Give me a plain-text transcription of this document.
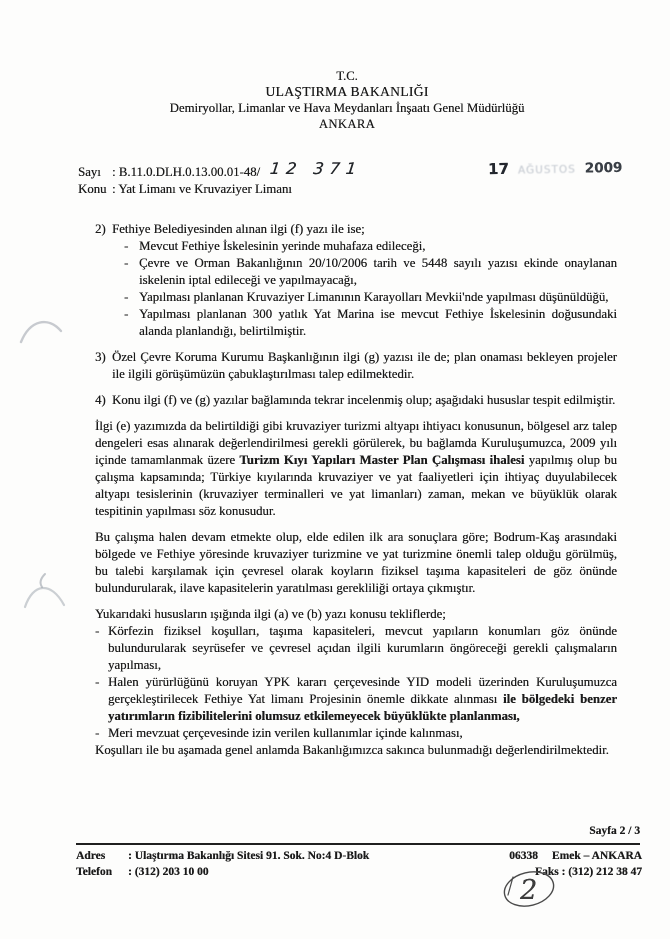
T.C.
ULAŞTIRMA BAKANLIĞI
Demiryollar, Limanlar ve Hava Meydanları İnşaatı Genel Müdürlüğü
ANKARA
17 AĞUSTOS 2009
Sayı : B.11.0.DLH.0.13.00.01-48/ 12 371
Konu : Yat Limanı ve Kruvaziyer Limanı
2) Fethiye Belediyesinden alınan ilgi (f) yazı ile ise;
- Mevcut Fethiye İskelesinin yerinde muhafaza edileceği,
- Çevre ve Orman Bakanlığının 20/10/2006 tarih ve 5448 sayılı yazısı ekinde onaylanan iskelenin iptal edileceği ve yapılmayacağı,
- Yapılması planlanan Kruvaziyer Limanının Karayolları Mevkii'nde yapılması düşünüldüğü,
- Yapılması planlanan 300 yatlık Yat Marina ise mevcut Fethiye İskelesinin doğusundaki alanda planlandığı, belirtilmiştir.
3) Özel Çevre Koruma Kurumu Başkanlığının ilgi (g) yazısı ile de; plan onaması bekleyen projeler ile ilgili görüşümüzün çabuklaştırılması talep edilmektedir.
4) Konu ilgi (f) ve (g) yazılar bağlamında tekrar incelenmiş olup; aşağıdaki hususlar tespit edilmiştir.

İlgi (e) yazımızda da belirtildiği gibi kruvaziyer turizmi altyapı ihtiyacı konusunun, bölgesel arz talep dengeleri esas alınarak değerlendirilmesi gerekli görülerek, bu bağlamda Kuruluşumuzca, 2009 yılı içinde tamamlanmak üzere Turizm Kıyı Yapıları Master Plan Çalışması ihalesi yapılmış olup bu çalışma kapsamında; Türkiye kıyılarında kruvaziyer ve yat faaliyetleri için ihtiyaç duyulabilecek altyapı tesislerinin (kruvaziyer terminalleri ve yat limanları) zaman, mekan ve büyüklük olarak tespitinin yapılması söz konusudur.

Bu çalışma halen devam etmekte olup, elde edilen ilk ara sonuçlara göre; Bodrum-Kaş arasındaki bölgede ve Fethiye yöresinde kruvaziyer turizmine ve yat turizmine önemli talep olduğu görülmüş, bu talebi karşılamak için çevresel olarak koyların fiziksel taşıma kapasiteleri de göz önünde bulundurularak, ilave kapasitelerin yaratılması gerekliliği ortaya çıkmıştır.

Yukarıdaki hususların ışığında ilgi (a) ve (b) yazı konusu tekliflerde;
- Körfezin fiziksel koşulları, taşıma kapasiteleri, mevcut yapıların konumları göz önünde bulundurularak seyrüsefer ve çevresel açıdan ilgili kurumların öngöreceği gerekli çalışmaların yapılması,
- Halen yürürlüğünü koruyan YPK kararı çerçevesinde YID modeli üzerinden Kuruluşumuzca gerçekleştirilecek Fethiye Yat limanı Projesinin önemle dikkate alınması ile bölgedeki benzer yatırımların fizibilitelerini olumsuz etkilemeyecek büyüklükte planlanması,
- Meri mevzuat çerçevesinde izin verilen kullanımlar içinde kalınması,

Koşulları ile bu aşamada genel anlamda Bakanlığımızca sakınca bulunmadığı değerlendirilmektedir.

Sayfa 2 / 3
Adres	: Ulaştırma Bakanlığı Sitesi 91. Sok. No:4 D-Blok
Telefon	: (312) 203 10 00
06338 Emek – ANKARA
Faks : (312) 212 38 47
2
